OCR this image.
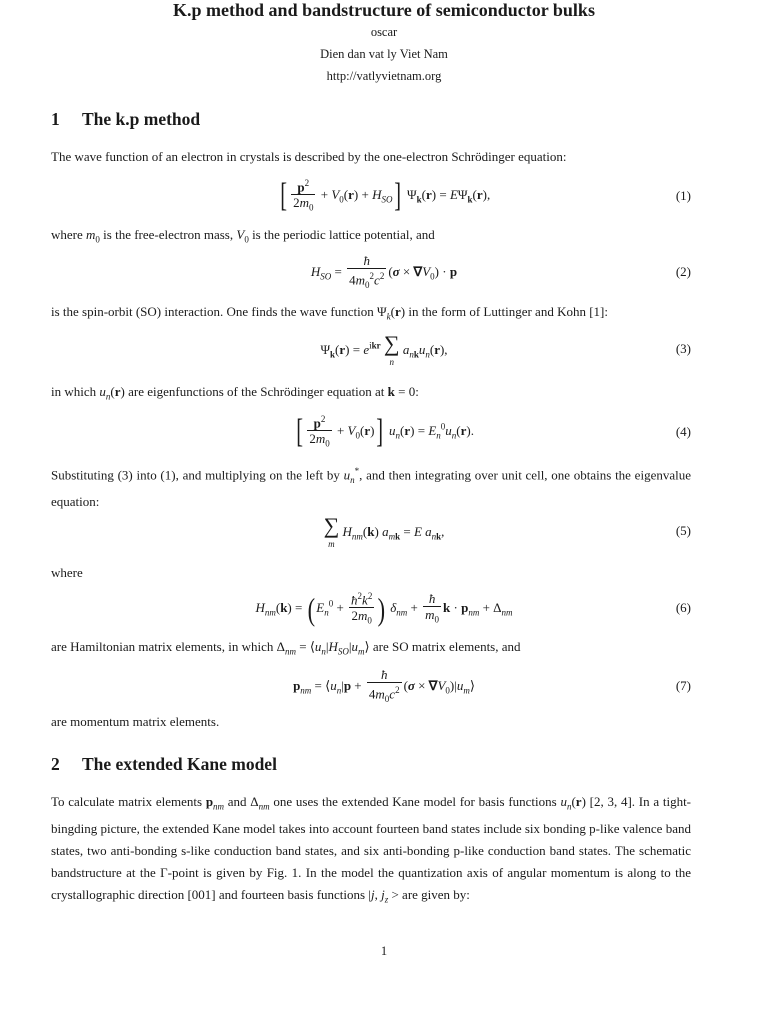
K.p method and bandstructure of semiconductor bulks
oscar
Dien dan vat ly Viet Nam
http://vatlyvietnam.org
1 The k.p method
The wave function of an electron in crystals is described by the one-electron Schrödinger equation:
[ $\frac{p^2}{2m_0} + V_0(r) + H_{SO}$] $\Psi_k(r) = E\Psi_k(r)$,	(1)
where $m_0$ is the free-electron mass, $V_0$ is the periodic lattice potential, and
$H_{SO} = \frac{ħ}{4m_0^2c^2} (\sigma \times \nabla V_0) \cdot p$	(2)
is the spin-orbit (SO) interaction. One finds the wave function $\Psi_k(r)$ in the form of Luttinger and Kohn [1]:
$\Psi_k(r) = e^{ikr}$ ∑
n
$a_{nk}u_n(r)$,	(3)
in which $u_n(r)$ are eigenfunctions of the Schrödinger equation at k = 0:
[ $\frac{p^2}{2m_0} + V_0(r)$] $u_n(r) = E_n^0u_n(r)$.	(4)
Substituting (3) into (1), and multiplying on the left by $u_n^*$, and then integrating over unit cell, one obtains the eigenvalue equation:
∑
m
$H_{nm}(k) a_{mk} = E$ $a_{nk}$,	(5)
where
$H_{nm}(k)$ = ( $E_n^0 + \frac{ħ^2k^2}{2m_0}$ ) $\delta_{nm} + \frac{ħ}{m_0}$ $k \cdot p_{nm} + \Delta_{nm}$	(6)
are Hamiltonian matrix elements, in which $\Delta_{nm}$ = $⟨u_n|H_{SO}|u_m⟩$ are SO matrix elements, and
$p_{nm}$ = $⟨u_n|p + \frac{ħ}{4m_0c^2} (\sigma$ × $\nabla V_0)|u_m⟩$	(7)
are momentum matrix elements.
2 The extended Kane model
To calculate matrix elements $p_{nm}$ and $\Delta_{nm}$ one uses the extended Kane model for basis functions $u_n(r)$ [2, 3, 4]. In a tight-bingding picture, the extended Kane model takes into account fourteen band states include six bonding p-like valence band states, two anti-bonding s-like conduction band states, and six anti-bonding p-like conduction band states. The schematic bandstructure at the Γ-point is given by Fig. 1. In the model the quantization axis of angular momentum is along to the crystallographic direction [001] and fourteen basis functions |j, $j_z$ > are given by:
1
